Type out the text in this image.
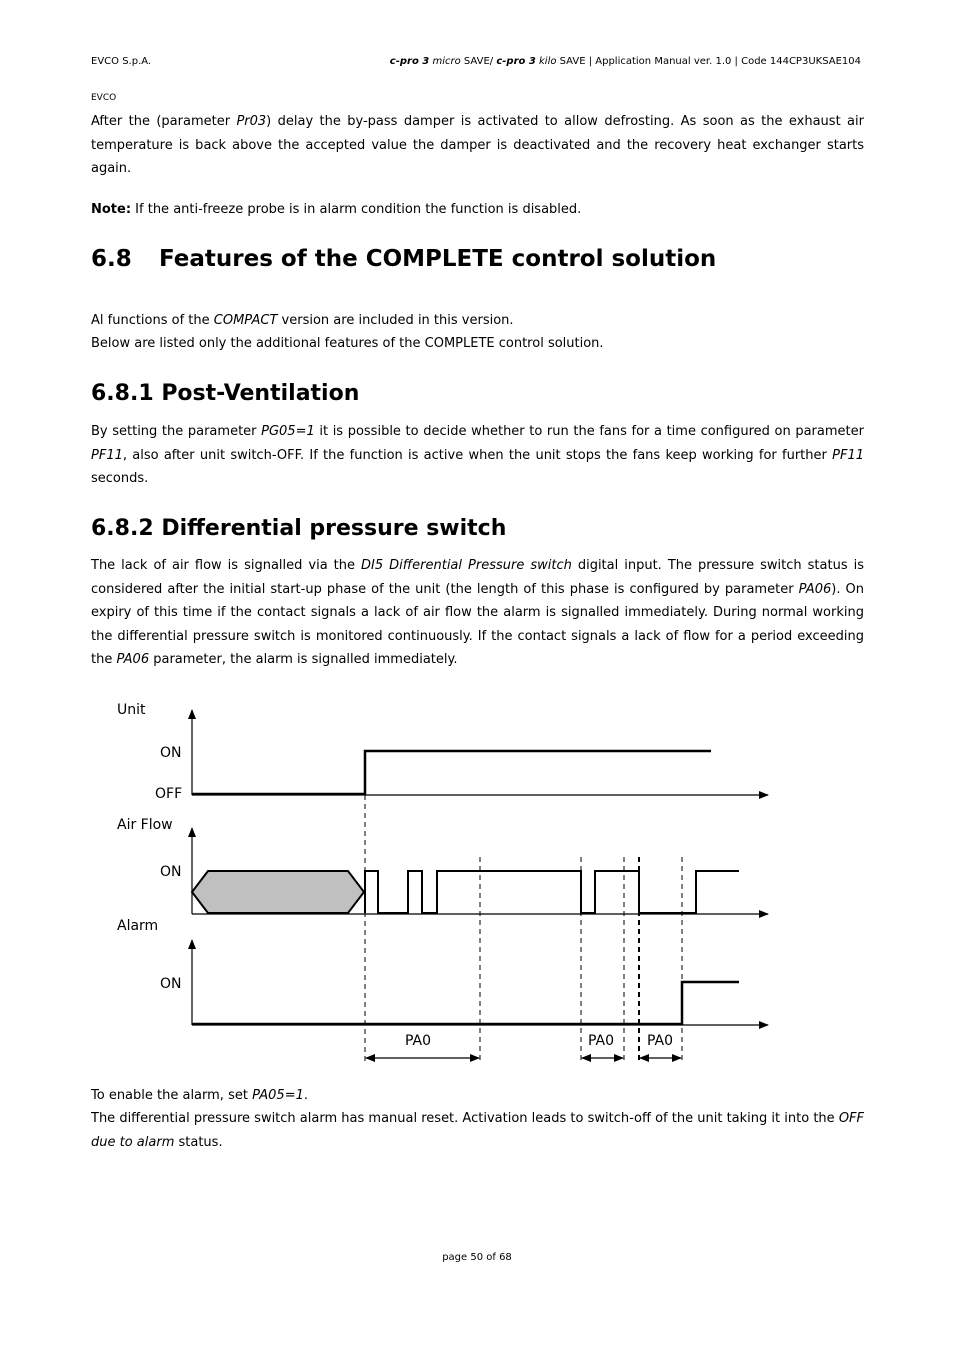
EVCO S.p.A.	c-pro 3 micro SAVE/ c-pro 3 kilo SAVE | Application Manual ver. 1.0 | Code 144CP3UKSAE104
EVCO
After the (parameter Pr03) delay the by-pass damper is activated to allow defrosting. As soon as the exhaust air temperature is back above the accepted value the damper is deactivated and the recovery heat exchanger starts again.
Note: If the anti-freeze probe is in alarm condition the function is disabled.
6.8 Features of the COMPLETE control solution
Al functions of the COMPACT version are included in this version.
Below are listed only the additional features of the COMPLETE control solution.
6.8.1 Post-Ventilation
By setting the parameter PG05=1 it is possible to decide whether to run the fans for a time configured on parameter PF11, also after unit switch-OFF. If the function is active when the unit stops the fans keep working for further PF11 seconds.
6.8.2 Differential pressure switch
The lack of air flow is signalled via the DI5 Differential Pressure switch digital input. The pressure switch status is considered after the initial start-up phase of the unit (the length of this phase is configured by parameter PA06). On expiry of this time if the contact signals a lack of air flow the alarm is signalled immediately. During normal working the differential pressure switch is monitored continuously. If the contact signals a lack of flow for a period exceeding the PA06 parameter, the alarm is signalled immediately.
Unit
ON
OFF
Air Flow
ON
Alarm
ON
PA0	PA0 PA0
To enable the alarm, set PA05=1.
The differential pressure switch alarm has manual reset. Activation leads to switch-off of the unit taking it into the OFF due to alarm status.
page 50 of 68
